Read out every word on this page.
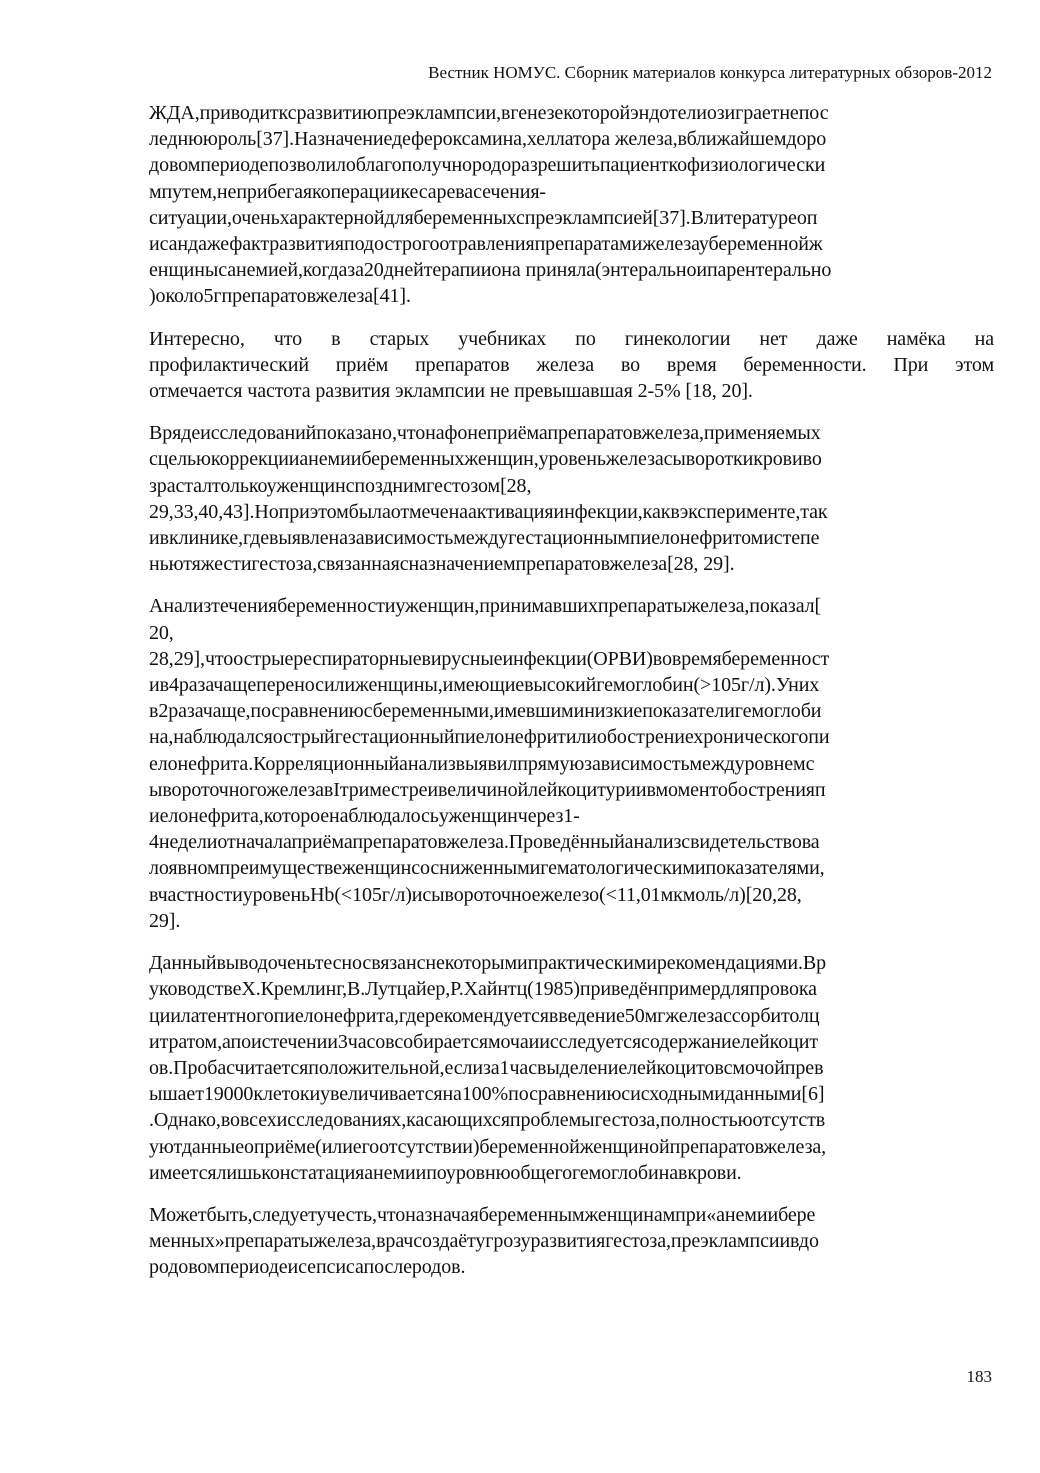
Вестник НОМУС. Сборник материалов конкурса литературных обзоров-2012
ЖДА,приводитксразвитиюпреэклампсии,вгенезекоторойэндотелиозиграетнепос
леднююроль[37].Назначениедефероксамина,хеллатора железа,вближайшемдоро
довомпериодепозволилоблагополучнородоразрешитьпациенткофизиологически
мпутем,неприбегаякоперациикесаревасечения-
ситуации,оченьхарактернойдлябеременныхспреэклампсией[37].Влитературеоп
исандажефактразвитияподострогоотравленияпрепаратамижелезаубеременнойж
енщинысанемией,когдаза20днейтерапииона приняла(энтеральноипарентерально
)около5гпрепаратовжелеза[41].
Интересно, что в старых учебниках по гинекологии нет даже намёка на
профилактический приём препаратов железа во время беременности. При этом
отмечается частота развития эклампсии не превышавшая 2-5% [18, 20].
Врядеисследованийпоказано,чтонафонеприёмапрепаратовжелеза,применяемых
сцельюкоррекциианемиибеременныхженщин,уровеньжелезасывороткикровиво
зрасталтолькоуженщинспозднимгестозом[28,
29,33,40,43].Ноприэтомбылаотмеченаактивацияинфекции,каквэксперименте,так
ивклинике,гдевыявленазависимостьмеждугестационнымпиелонефритомистепе
ньютяжестигестоза,связаннаясназначениемпрепаратовжелеза[28, 29].
Анализтечениябеременностиуженщин,принимавшихпрепаратыжелеза,показал[
20,
28,29],чтоострыереспираторныевирусныеинфекции(ОРВИ)вовремябеременност
ив4разачащепереносилиженщины,имеющиевысокийгемоглобин(>105г/л).Уних
в2разачаще,посравнениюсбеременными,имевшиминизкиепоказателигемоглоби
на,наблюдалсяострыйгестационныйпиелонефритилиобострениехроническогопи
елонефрита.Корреляционныйанализвыявилпрямуюзависимостьмеждуровнемс
ывороточногожелезавIтриместреивеличинойлейкоцитуриивмоментобостренияп
иелонефрита,котороенаблюдалосьуженщинчерез1-
4неделиотначалаприёмапрепаратовжелеза.Проведённыйанализсвидетельствова
лоявномпреимуществеженщинсосниженнымигематологическимипоказателями,
вчастностиуровеньHb(<105г/л)исывороточноежелезо(<11,01мкмоль/л)[20,28,
29].
Данныйвыводоченьтесносвязанснекоторымипрактическимирекомендациями.Вр
уководствеХ.Кремлинг,В.Лутцайер,Р.Хайнтц(1985)приведёнпримердляпровока
циилатентногопиелонефрита,гдерекомендуетсявведение50мгжелезассорбитолц
итратом,апоистечении3часовсобираетсямочаиисследуетсясодержаниелейкоцит
ов.Пробасчитаетсяположительной,еслиза1часвыделениелейкоцитовсмочойпрев
ышает19000клетокиувеличиваетсяна100%посравнениюсисходнымиданными[6]
.Однако,вовсехисследованиях,касающихсяпроблемыгестоза,полностьюотсутств
уютданныеоприёме(илиегоотсутствии)беременнойженщинойпрепаратовжелеза,
имеетсялишьконстатацияанемиипоуровнюобщегогемоглобинавкрови.
Можетбыть,следуетучесть,чтоназначаябеременнымженщинампри«анемиибере
менных»препаратыжелеза,врачсоздаётугрозуразвитиягестоза,преэклампсиивдо
родовомпериодеисепсисапослеродов.
183
